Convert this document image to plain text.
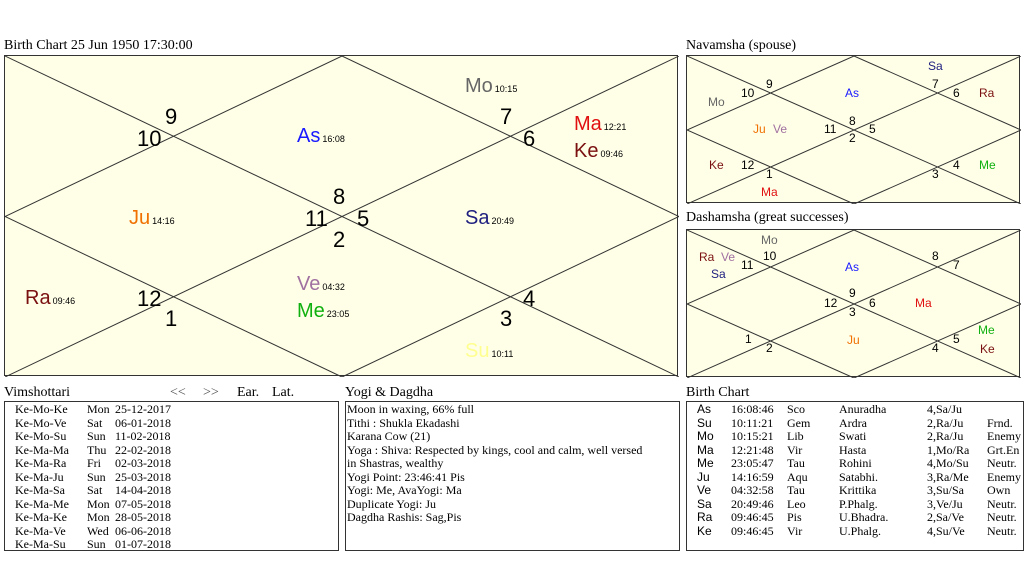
Birth Chart 25 Jun 1950 17:30:00
9
10
8
11 5
2
7
6
12
1
4
3
Mo 10:15
As 16:08
Ma 12:21
Ke 09:46
Ju 14:16	Sa 20:49
Ra 09:46
Ve 04:32
Me 23:05
Su 10:11
Navamsha (spouse)
10
9	7
6
8
11	5
2
12
1	3
4
Sa
Mo
As	Ra
Ju Ve
Ke	Me
Ma
Dashamsha (great successes)
10
11
8
7
9
12	6
3
1
2	4
5
Mo
Ra Ve
Sa	As
Ma
Ju
Me
Ke
Vimshottari	<< >> Ear. Lat.
Ke-Mo-Ke Mon 25-12-2017
Ke-Mo-Ve Sat 06-01-2018
Ke-Mo-Su Sun 11-02-2018
Ke-Ma-Ma Thu 22-02-2018
Ke-Ma-Ra Fri 02-03-2018
Ke-Ma-Ju Sun 25-03-2018
Ke-Ma-Sa Sat 14-04-2018
Ke-Ma-Me Mon 07-05-2018
Ke-Ma-Ke Mon 28-05-2018
Ke-Ma-Ve Wed 06-06-2018
Ke-Ma-Su Sun 01-07-2018
Yogi & Dagdha
Moon in waxing, 66% full
Tithi : Shukla Ekadashi
Karana Cow (21)
Yoga : Shiva: Respected by kings, cool and calm, well versed
in Shastras, wealthy
Yogi Point: 23:46:41 Pis
Yogi: Me, AvaYogi: Ma
Duplicate Yogi: Ju
Dagdha Rashis: Sag,Pis
Birth Chart
As 16:08:46 Sco	Anuradha	4,Sa/Ju
Su 10:11:21 Gem Ardra	2,Ra/Ju Frnd.
Mo 10:15:21 Lib	Swati	2,Ra/Ju Enemy
Ma 12:21:48 Vir	Hasta	1,Mo/Ra Grt.En
Me 23:05:47 Tau	Rohini	4,Mo/Su Neutr.
Ju 14:16:59 Aqu	Satabhi.	3,Ra/Me Enemy
Ve 04:32:58 Tau	Krittika	3,Su/Sa Own
Sa 20:49:46 Leo	P.Phalg.	3,Ve/Ju Neutr.
Ra 09:46:45 Pis	U.Bhadra.	2,Sa/Ve Neutr.
Ke 09:46:45 Vir	U.Phalg.	4,Su/Ve Neutr.
